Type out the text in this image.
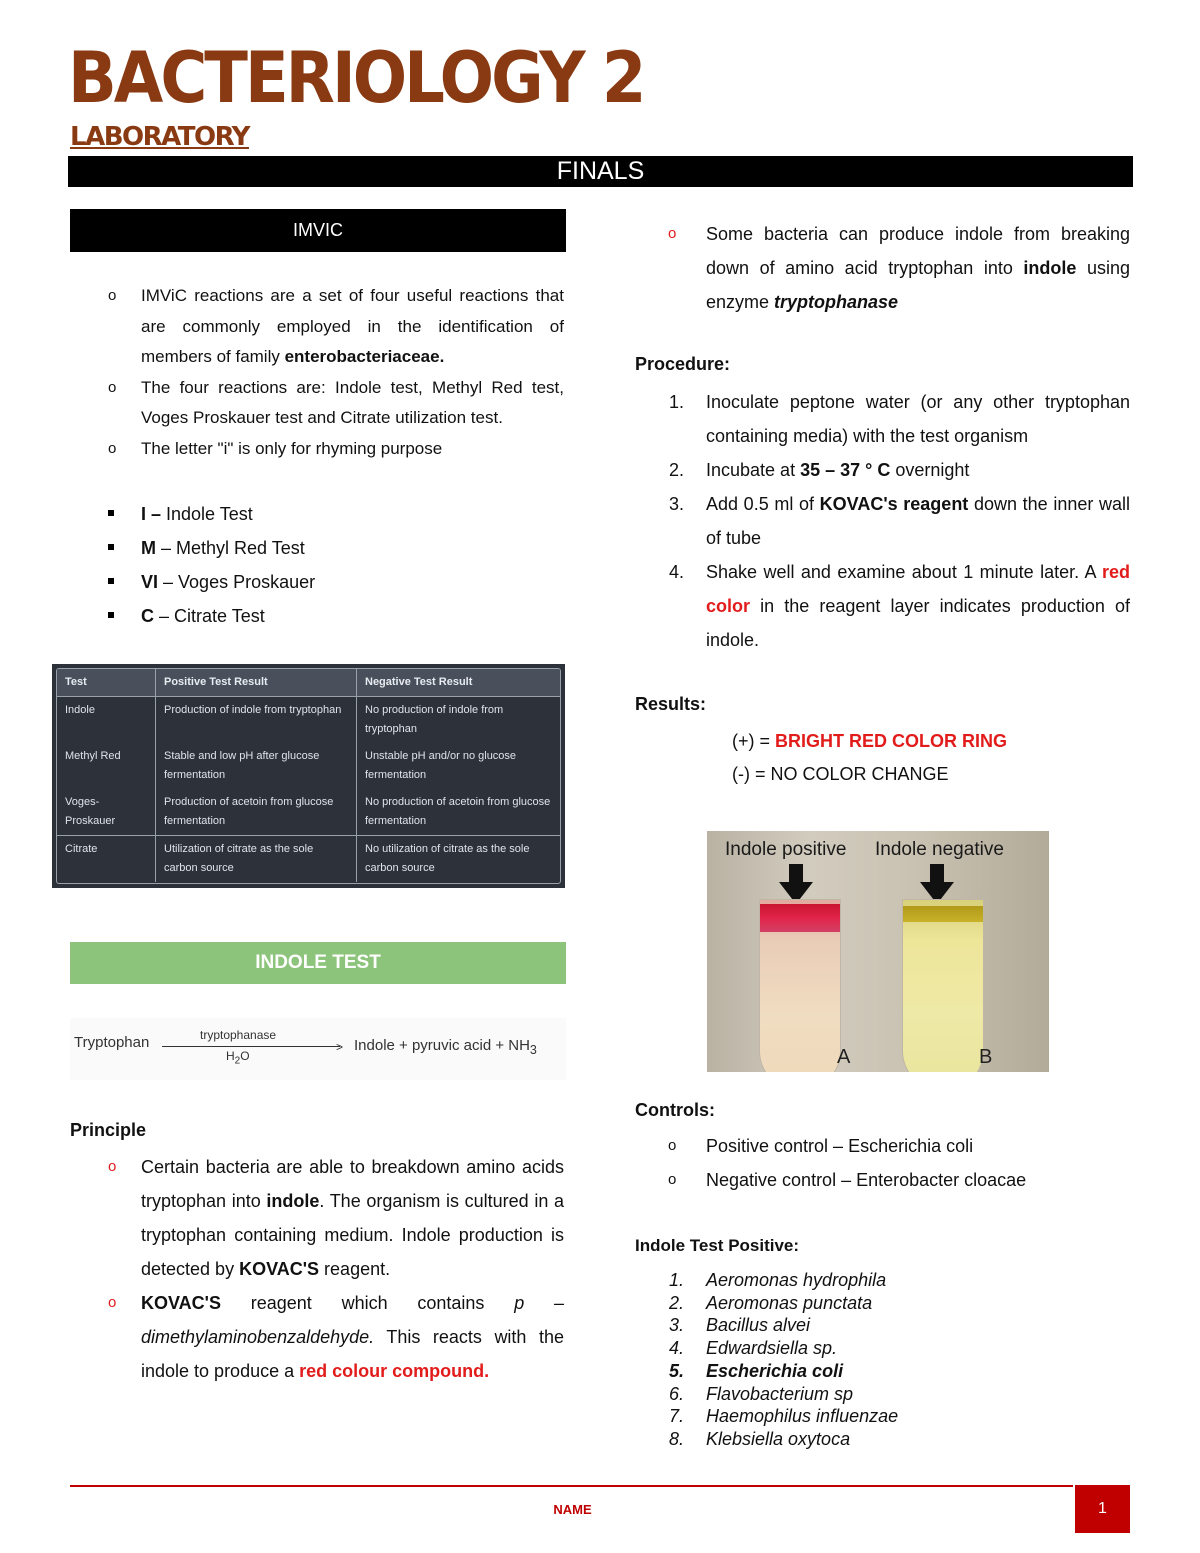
BACTERIOLOGY 2
LABORATORY
FINALS
IMVIC
o IMViC reactions are a set of four useful reactions that are commonly employed in the identification of members of family enterobacteriaceae.
o The four reactions are: Indole test, Methyl Red test, Voges Proskauer test and Citrate utilization test.
o The letter "i" is only for rhyming purpose
I – Indole Test
M – Methyl Red Test
VI – Voges Proskauer
C – Citrate Test
Test	Positive Test Result	Negative Test Result
Indole	Production of indole from tryptophan	No production of indole from tryptophan
Methyl Red	Stable and low pH after glucose fermentation	Unstable pH and/or no glucose fermentation
Voges-Proskauer	Production of acetoin from glucose fermentation	No production of acetoin from glucose fermentation
Citrate	Utilization of citrate as the sole carbon source	No utilization of citrate as the sole carbon source
INDOLE TEST
Tryptophan	tryptophanase
>
$H_2O$
Indole + pyruvic acid + $NH_3$
Principle
o Certain bacteria are able to breakdown amino acids tryptophan into indole. The organism is cultured in a tryptophan containing medium. Indole production is detected by KOVAC'S reagent.
o KOVAC'S reagent which contains p – dimethylaminobenzaldehyde. This reacts with the indole to produce a red colour compound.
o Some bacteria can produce indole from breaking down of amino acid tryptophan into indole using enzyme tryptophanase
Procedure:
1. Inoculate peptone water (or any other tryptophan containing media) with the test organism
2. Incubate at 35 – 37 ° C overnight
3. Add 0.5 ml of KOVAC's reagent down the inner wall of tube
4. Shake well and examine about 1 minute later. A red color in the reagent layer indicates production of indole.
Results:
(+) = BRIGHT RED COLOR RING
(-) = NO COLOR CHANGE
Indole positive Indole negative
A	B
Controls:
o Positive control – Escherichia coli
o Negative control – Enterobacter cloacae
Indole Test Positive:
1. Aeromonas hydrophila
2. Aeromonas punctata
3. Bacillus alvei
4. Edwardsiella sp.
5. Escherichia coli
6. Flavobacterium sp
7. Haemophilus influenzae
8. Klebsiella oxytoca
NAME	1
